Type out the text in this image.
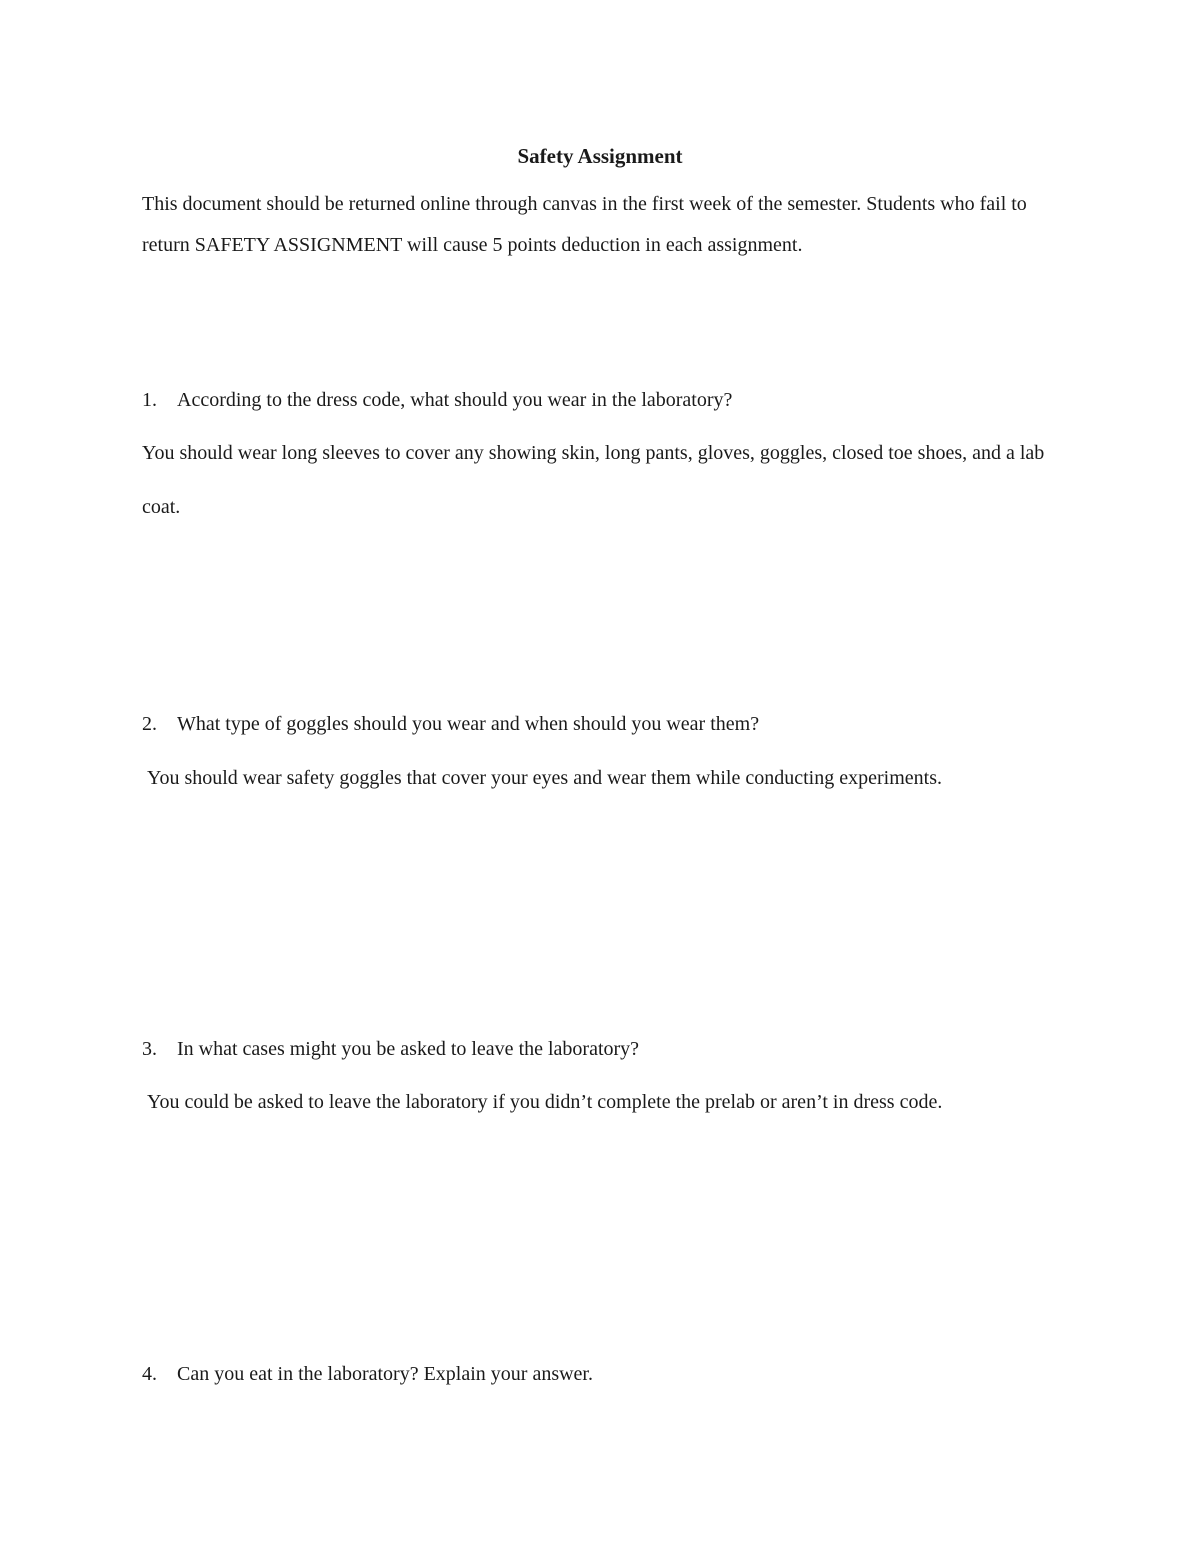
Safety Assignment

This document should be returned online through canvas in the first week of the semester. Students who fail to return SAFETY ASSIGNMENT will cause 5 points deduction in each assignment.

1. According to the dress code, what should you wear in the laboratory?

You should wear long sleeves to cover any showing skin, long pants, gloves, goggles, closed toe shoes, and a lab coat.

2. What type of goggles should you wear and when should you wear them?

You should wear safety goggles that cover your eyes and wear them while conducting experiments.

3. In what cases might you be asked to leave the laboratory?

You could be asked to leave the laboratory if you didn’t complete the prelab or aren’t in dress code.

4. Can you eat in the laboratory? Explain your answer.
